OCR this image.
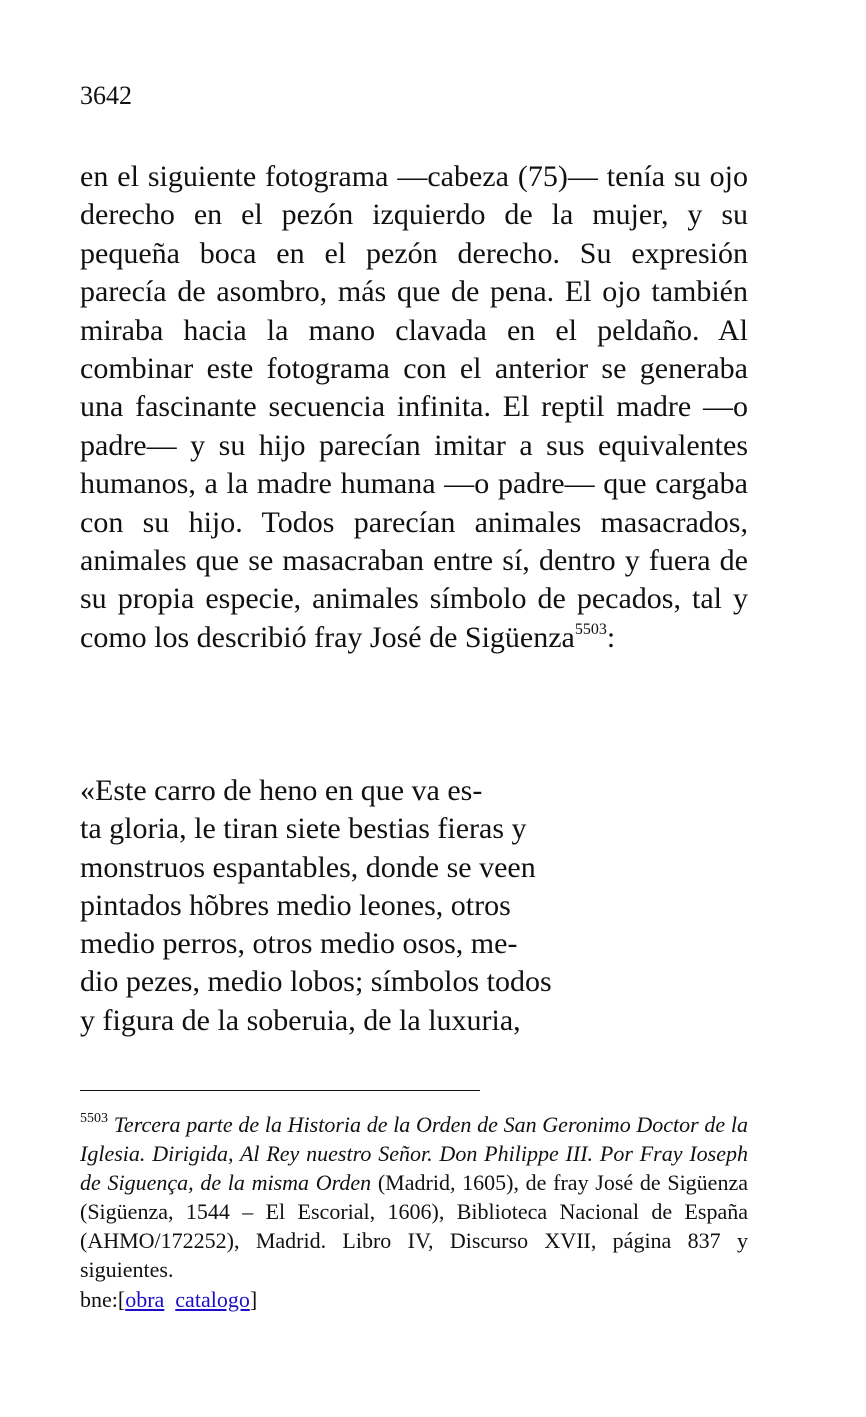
3642

en el siguiente fotograma —cabeza (75)— tenía su ojo derecho en el pezón izquierdo de la mujer, y su pequeña boca en el pezón derecho. Su expresión parecía de asombro, más que de pena. El ojo también miraba hacia la mano clavada en el peldaño. Al combinar este fotograma con el anterior se generaba una fascinante secuencia infinita. El reptil madre —o padre— y su hijo parecían imitar a sus equivalentes humanos, a la madre humana —o padre— que cargaba con su hijo. Todos parecían animales masacrados, animales que se masacraban entre sí, dentro y fuera de su propia especie, animales símbolo de pecados, tal y como los describió fray José de Sigüenza$^{5503}$:

«Este carro de heno en que va es-
ta gloria, le tiran siete bestias fieras y
monstruos espantables, donde se veen
pintados hõbres medio leones, otros
medio perros, otros medio osos, me-
dio pezes, medio lobos; símbolos todos
y figura de la soberuia, de la luxuria,

$^{5503}$ Tercera parte de la Historia de la Orden de San Geronimo Doctor de la Iglesia. Dirigida, Al Rey nuestro Señor. Don Philippe III. Por Fray Ioseph de Siguença, de la misma Orden (Madrid, 1605), de fray José de Sigüenza (Sigüenza, 1544 – El Escorial, 1606), Biblioteca Nacional de España (AHMO/172252), Madrid. Libro IV, Discurso XVII, página 837 y siguientes.

bne:[obra catalogo]
